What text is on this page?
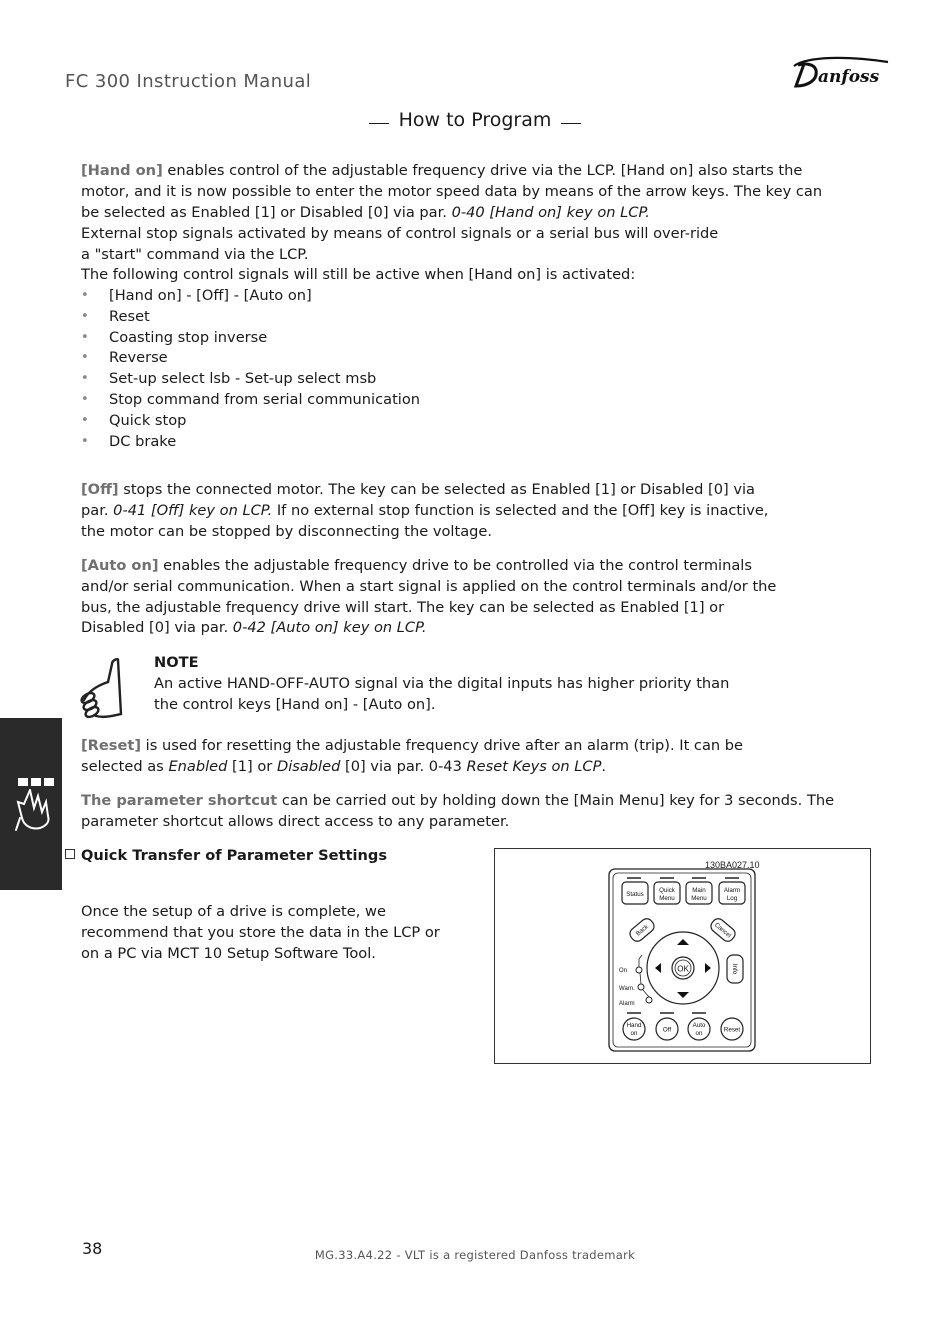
FC 300 Instruction Manual	anfoss
How to Program
[Hand on] enables control of the adjustable frequency drive via the LCP. [Hand on] also starts the motor, and it is now possible to enter the motor speed data by means of the arrow keys. The key can be selected as Enabled [1] or Disabled [0] via par. 0-40 [Hand on] key on LCP.
External stop signals activated by means of control signals or a serial bus will over-ride a "start" command via the LCP.
The following control signals will still be active when [Hand on] is activated:
• [Hand on] - [Off] - [Auto on]
• Reset
• Coasting stop inverse
• Reverse
• Set-up select lsb - Set-up select msb
• Stop command from serial communication
• Quick stop
• DC brake
[Off] stops the connected motor. The key can be selected as Enabled [1] or Disabled [0] via par. 0-41 [Off] key on LCP. If no external stop function is selected and the [Off] key is inactive, the motor can be stopped by disconnecting the voltage.
[Auto on] enables the adjustable frequency drive to be controlled via the control terminals and/or serial communication. When a start signal is applied on the control terminals and/or the bus, the adjustable frequency drive will start. The key can be selected as Enabled [1] or Disabled [0] via par. 0-42 [Auto on] key on LCP.
NOTE
An active HAND-OFF-AUTO signal via the digital inputs has higher priority than the control keys [Hand on] - [Auto on].
[Reset] is used for resetting the adjustable frequency drive after an alarm (trip). It can be selected as Enabled [1] or Disabled [0] via par. 0-43 Reset Keys on LCP.
The parameter shortcut can be carried out by holding down the [Main Menu] key for 3 seconds. The parameter shortcut allows direct access to any parameter.
Quick Transfer of Parameter Settings
Once the setup of a drive is complete, we recommend that you store the data in the LCP or on a PC via MCT 10 Setup Software Tool.
130BA027.10
Status
Quick
Menu
Main
Menu
Alarm
Log
Back	Cancel
Info
OK
On
Warn.
Alarm
Hand
on	Off
Auto
on	Reset
38	MG.33.A4.22 - VLT is a registered Danfoss trademark
